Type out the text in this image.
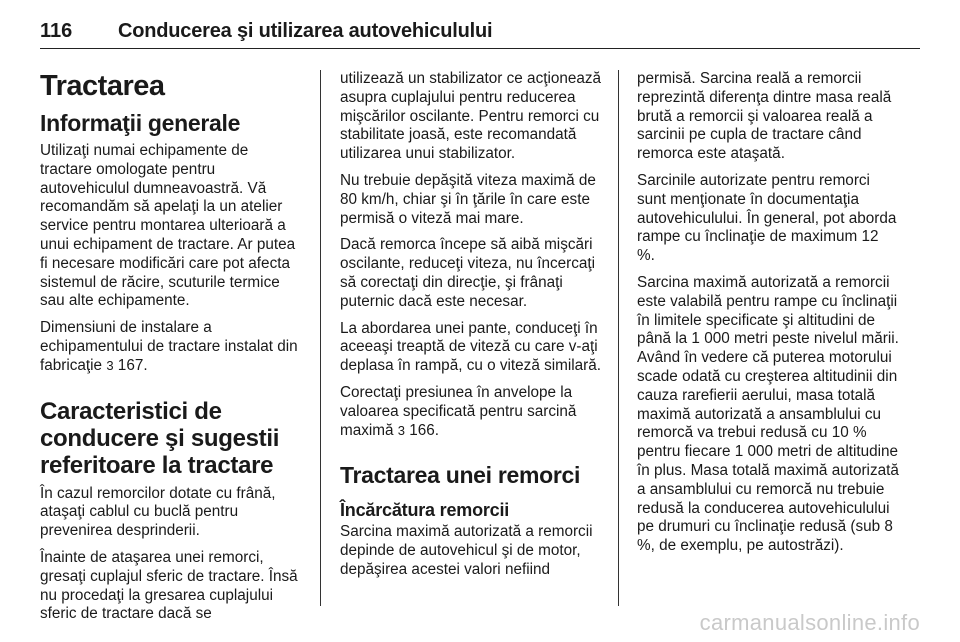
116 Conducerea şi utilizarea autovehiculului
Tractarea
Informaţii generale

Utilizaţi numai echipamente de tractare omologate pentru autovehiculul dumneavoastră. Vă recomandăm să apelaţi la un atelier service pentru montarea ulterioară a unui echipament de tractare. Ar putea fi necesare modificări care pot afecta sistemul de răcire, scuturile termice sau alte echipamente.

Dimensiuni de instalare a echipamentului de tractare instalat din fabricaţie 3 167.

Caracteristici de
conducere şi sugestii
referitoare la tractare

În cazul remorcilor dotate cu frână, ataşaţi cablul cu buclă pentru prevenirea desprinderii.

Înainte de ataşarea unei remorci, gresaţi cuplajul sferic de tractare. Însă nu procedaţi la gresarea cuplajului sferic de tractare dacă se

utilizează un stabilizator ce acţionează asupra cuplajului pentru reducerea mişcărilor oscilante. Pentru remorci cu stabilitate joasă, este recomandată utilizarea unui stabilizator.

Nu trebuie depăşită viteza maximă de 80 km/h, chiar şi în ţările în care este permisă o viteză mai mare.

Dacă remorca începe să aibă mişcări oscilante, reduceţi viteza, nu încercaţi să corectaţi din direcţie, şi frânaţi puternic dacă este necesar.

La abordarea unei pante, conduceţi în aceeaşi treaptă de viteză cu care v-aţi deplasa în rampă, cu o viteză similară.

Corectaţi presiunea în anvelope la valoarea specificată pentru sarcină maximă 3 166.

Tractarea unei remorci
Încărcătura remorcii

Sarcina maximă autorizată a remorcii depinde de autovehicul şi de motor, depăşirea acestei valori nefiind

permisă. Sarcina reală a remorcii reprezintă diferenţa dintre masa reală brută a remorcii şi valoarea reală a sarcinii pe cupla de tractare când remorca este ataşată.

Sarcinile autorizate pentru remorci sunt menţionate în documentaţia autovehiculului. În general, pot aborda rampe cu înclinaţie de maximum 12 %.

Sarcina maximă autorizată a remorcii este valabilă pentru rampe cu înclinaţii în limitele specificate şi altitudini de până la 1 000 metri peste nivelul mării. Având în vedere că puterea motorului scade odată cu creşterea altitudinii din cauza rarefierii aerului, masa totală maximă autorizată a ansamblului cu remorcă va trebui redusă cu 10 % pentru fiecare 1 000 metri de altitudine în plus. Masa totală maximă autorizată a ansamblului cu remorcă nu trebuie redusă la conducerea autovehiculului pe drumuri cu înclinaţie redusă (sub 8 %, de exemplu, pe autostrăzi).

carmanualsonline.info
